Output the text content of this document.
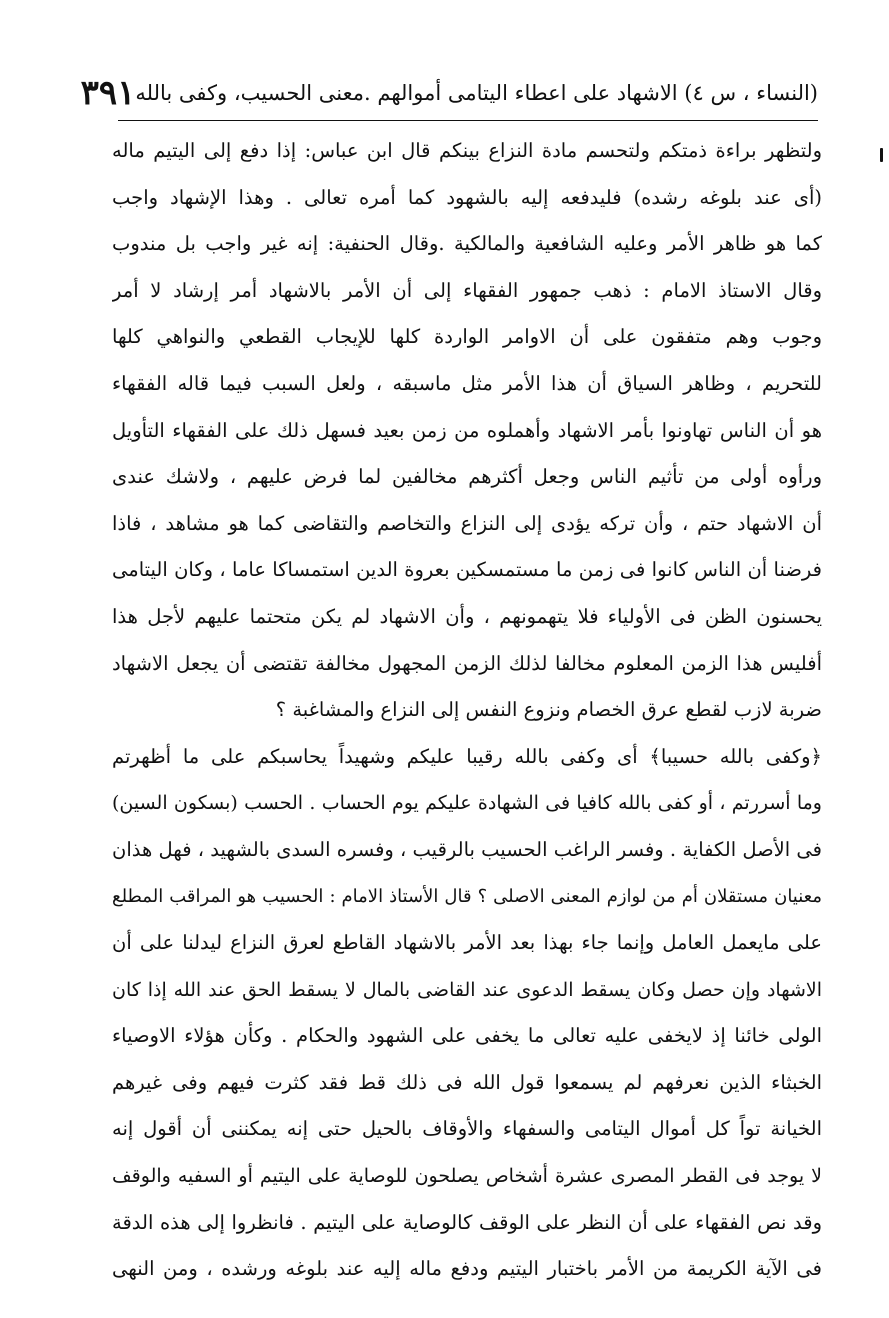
(النساء ، س ٤) الاشهاد على اعطاء اليتامى أموالهم .معنى الحسيب، وكفى بالله
٣٩١
ولتظهر براءة ذمتكم ولتحسم مادة النزاع بينكم قال ابن عباس: إذا دفع إلى اليتيم ماله
(أى عند بلوغه رشده) فليدفعه إليه بالشهود كما أمره تعالى . وهذا الإشهاد واجب
كما هو ظاهر الأمر وعليه الشافعية والمالكية .وقال الحنفية: إنه غير واجب بل مندوب
وقال الاستاذ الامام : ذهب جمهور الفقهاء إلى أن الأمر بالاشهاد أمر إرشاد لا أمر
وجوب وهم متفقون على أن الاوامر الواردة كلها للإيجاب القطعي والنواهي كلها
للتحريم ، وظاهر السياق أن هذا الأمر مثل ماسبقه ، ولعل السبب فيما قاله الفقهاء
هو أن الناس تهاونوا بأمر الاشهاد وأهملوه من زمن بعيد فسهل ذلك على الفقهاء التأويل
ورأوه أولى من تأثيم الناس وجعل أكثرهم مخالفين لما فرض عليهم ، ولاشك عندى
أن الاشهاد حتم ، وأن تركه يؤدى إلى النزاع والتخاصم والتقاضى كما هو مشاهد ، فاذا
فرضنا أن الناس كانوا فى زمن ما مستمسكين بعروة الدين استمساكا عاما ، وكان اليتامى
يحسنون الظن فى الأولياء فلا يتهمونهم ، وأن الاشهاد لم يكن متحتما عليهم لأجل هذا
أفليس هذا الزمن المعلوم مخالفا لذلك الزمن المجهول مخالفة تقتضى أن يجعل الاشهاد
ضربة لازب لقطع عرق الخصام ونزوع النفس إلى النزاع والمشاغبة ؟
﴿وكفى بالله حسيبا﴾ أى وكفى بالله رقيبا عليكم وشهيداً يحاسبكم على ما أظهرتم
وما أسررتم ، أو كفى بالله كافيا فى الشهادة عليكم يوم الحساب . الحسب (بسكون السين)
فى الأصل الكفاية . وفسر الراغب الحسيب بالرقيب ، وفسره السدى بالشهيد ، فهل هذان
معنيان مستقلان أم من لوازم المعنى الاصلى ؟ قال الأستاذ الامام : الحسيب هو المراقب المطلع
على مايعمل العامل وإنما جاء بهذا بعد الأمر بالاشهاد القاطع لعرق النزاع ليدلنا على أن
الاشهاد وإن حصل وكان يسقط الدعوى عند القاضى بالمال لا يسقط الحق عند الله إذا كان
الولى خائنا إذ لايخفى عليه تعالى ما يخفى على الشهود والحكام . وكأن هؤلاء الاوصياء
الخبثاء الذين نعرفهم لم يسمعوا قول الله فى ذلك قط فقد كثرت فيهم وفى غيرهم
الخيانة تواً كل أموال اليتامى والسفهاء والأوقاف بالحيل حتى إنه يمكننى أن أقول إنه
لا يوجد فى القطر المصرى عشرة أشخاص يصلحون للوصاية على اليتيم أو السفيه والوقف
وقد نص الفقهاء على أن النظر على الوقف كالوصاية على اليتيم . فانظروا إلى هذه الدقة
فى الآية الكريمة من الأمر باختبار اليتيم ودفع ماله إليه عند بلوغه ورشده ، ومن النهى
